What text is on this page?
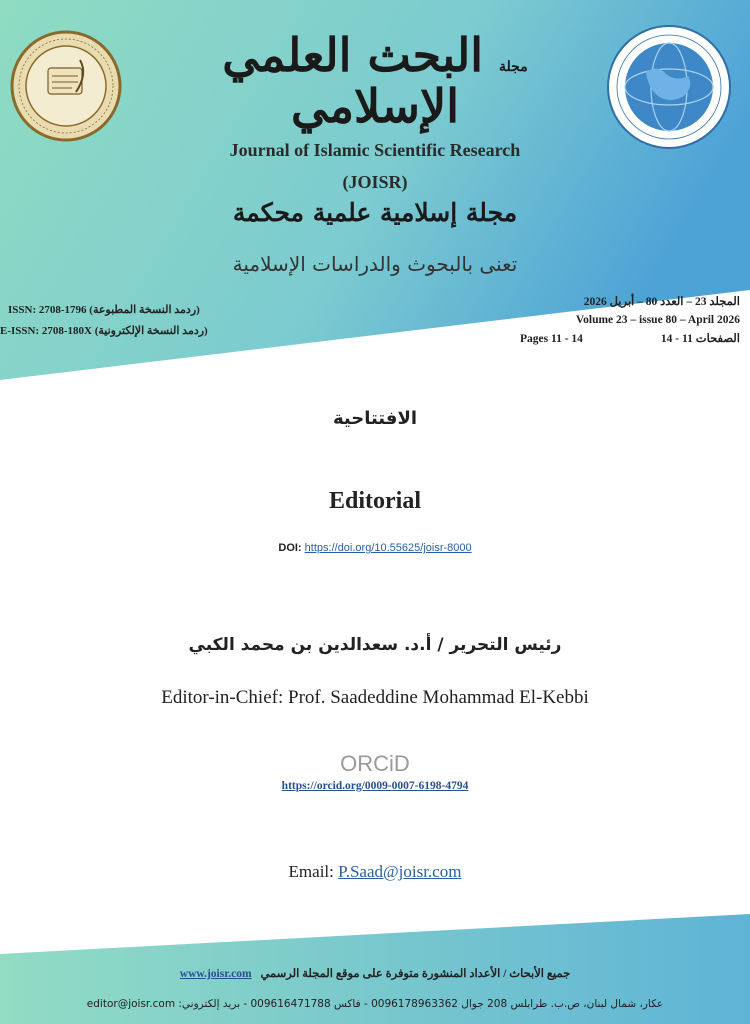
مجلة البحث العلمي الإسلامي
Journal of Islamic Scientific Research
(JOISR)
مجلة إسلامية علمية محكمة
تعنى بالبحوث والدراسات الإسلامية
ISSN: 2708-1796 (ردمد النسخة المطبوعة)
E-ISSN: 2708-180X (ردمد النسخة الإلكترونية)
المجلد 23 – العدد 80 – أبريل 2026
Volume 23 – issue 80 – April 2026
Pages 11 - 14	الصفحات 11 - 14
الافتتاحية
Editorial
DOI: https://doi.org/10.55625/joisr-8000
رئيس التحرير / أ.د. سعدالدين بن محمد الكبي
Editor-in-Chief: Prof. Saadeddine Mohammad El-Kebbi
ORCiD
https://orcid.org/0009-0007-6198-4794
Email: P.Saad@joisr.com
www.joisr.com جميع الأبحاث / الأعداد المنشورة متوفرة على موقع المجلة الرسمي
عكار، شمال لبنان، ص.ب. طرابلس 208 جوال 0096178963362 - فاكس 009616471788 - بريد إلكتروني: editor@joisr.com
